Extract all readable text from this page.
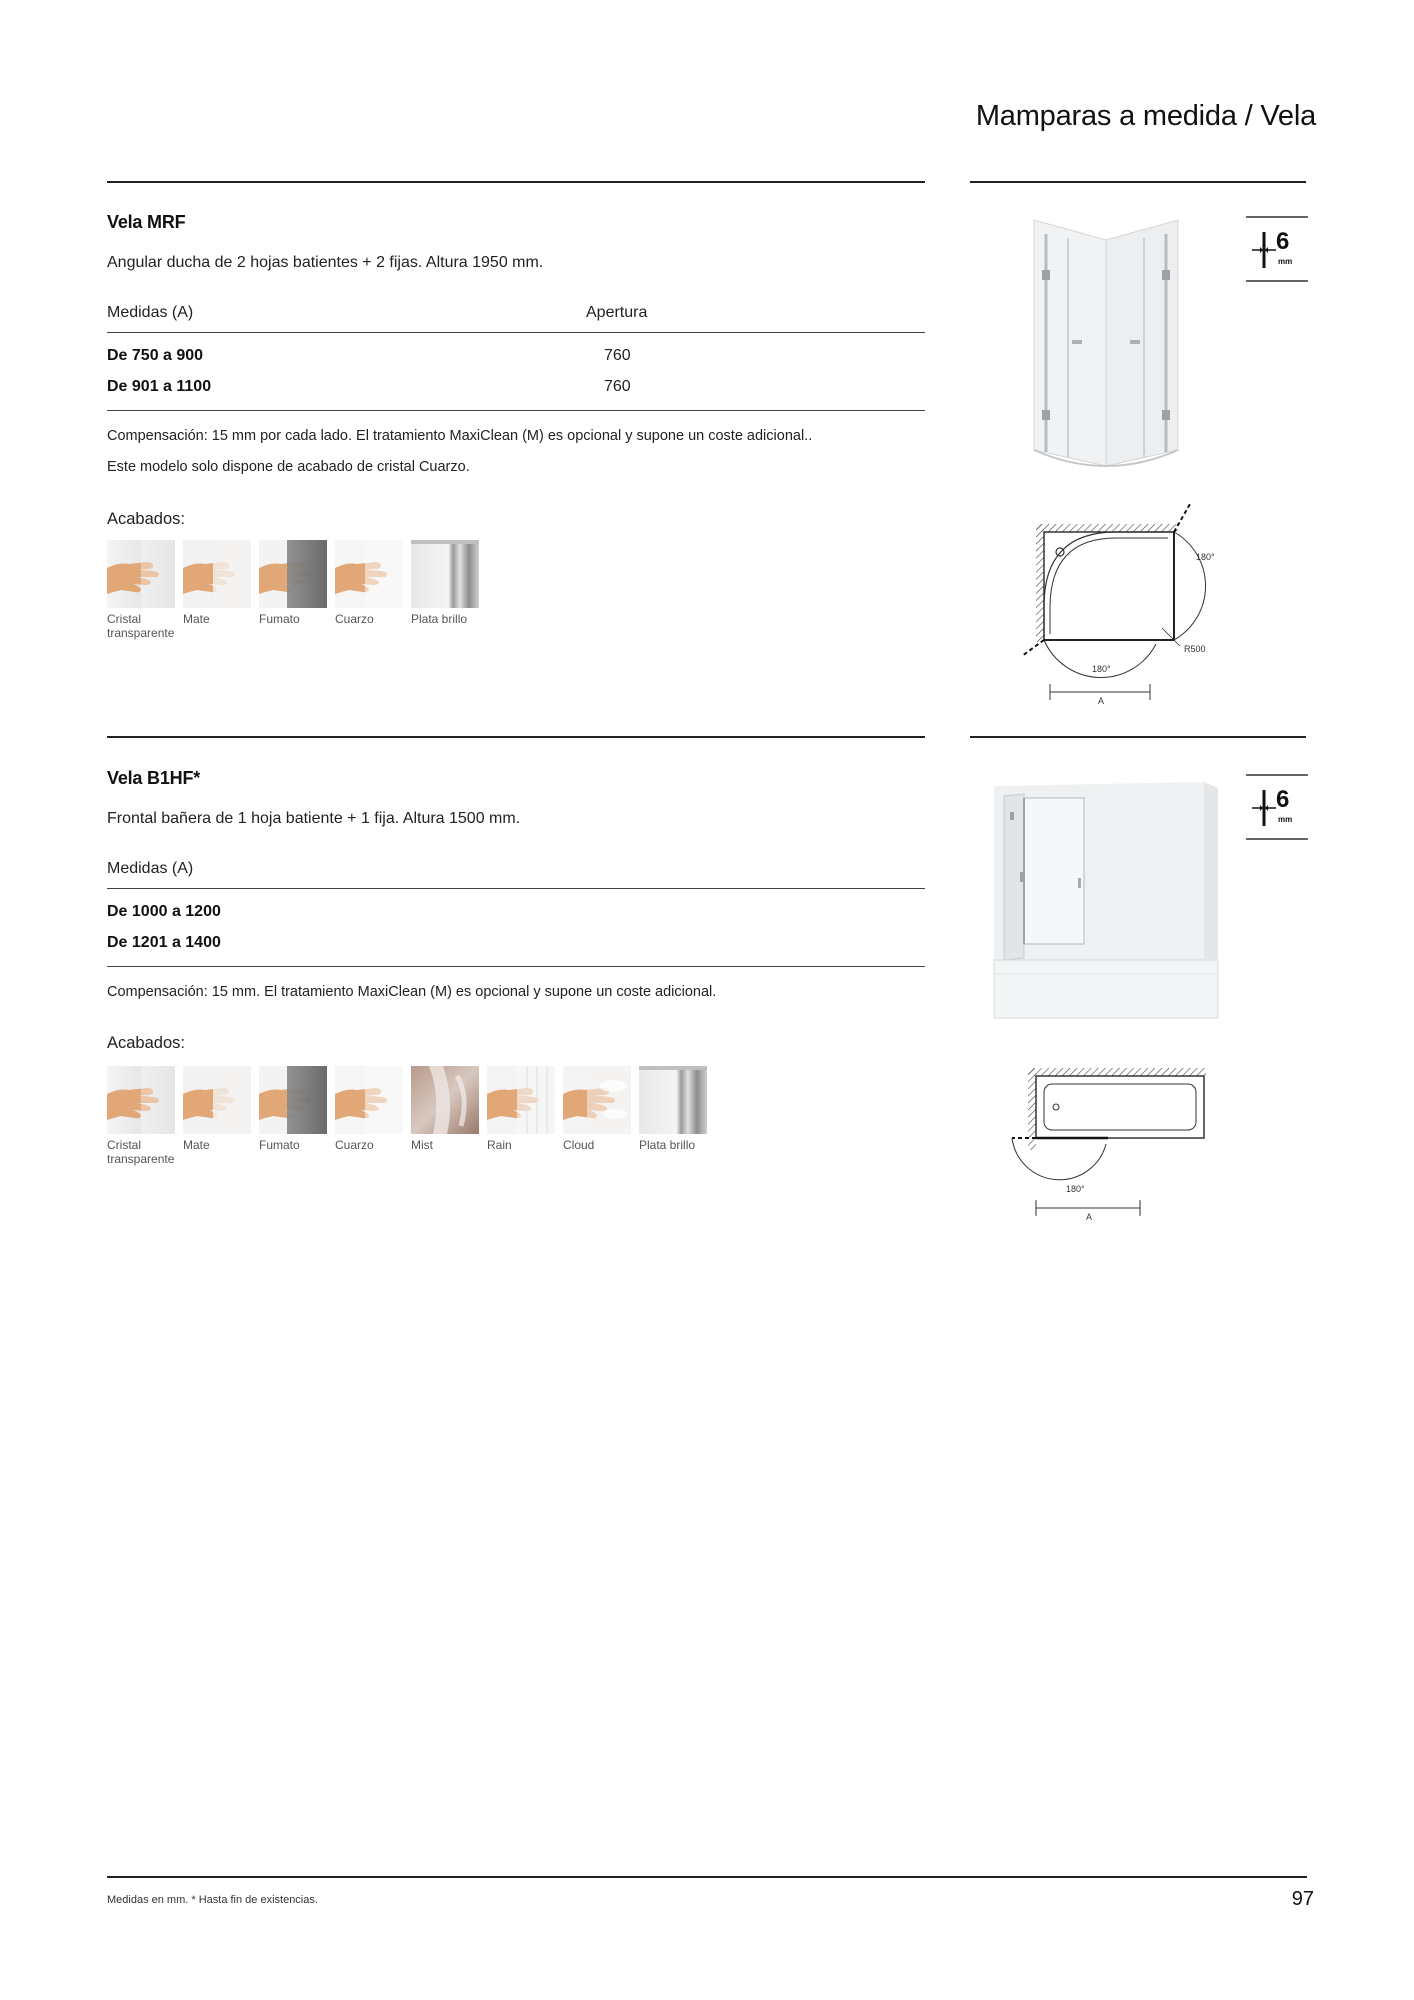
Mamparas a medida / Vela
Vela MRF
Angular ducha de 2 hojas batientes + 2 fijas. Altura 1950 mm.
Medidas (A)	Apertura
De 750 a 900	760
De 901 a 1100	760
Compensación: 15 mm por cada lado. El tratamiento MaxiClean (M) es opcional y supone un coste adicional..
Este modelo solo dispone de acabado de cristal Cuarzo.
Acabados:
Cristal transparente
Mate	Fumato	Cuarzo	Plata brillo
180°
180°
R500
A
6
mm
Vela B1HF*
Frontal bañera de 1 hoja batiente + 1 fija. Altura 1500 mm.
Medidas (A)
De 1000 a 1200
De 1201 a 1400
Compensación: 15 mm. El tratamiento MaxiClean (M) es opcional y supone un coste adicional.
Acabados:
Cristal transparente
Mate	Fumato	Cuarzo	Mist	Rain	Cloud	Plata brillo
180°
A
6
mm
Medidas en mm. * Hasta fin de existencias.	97
